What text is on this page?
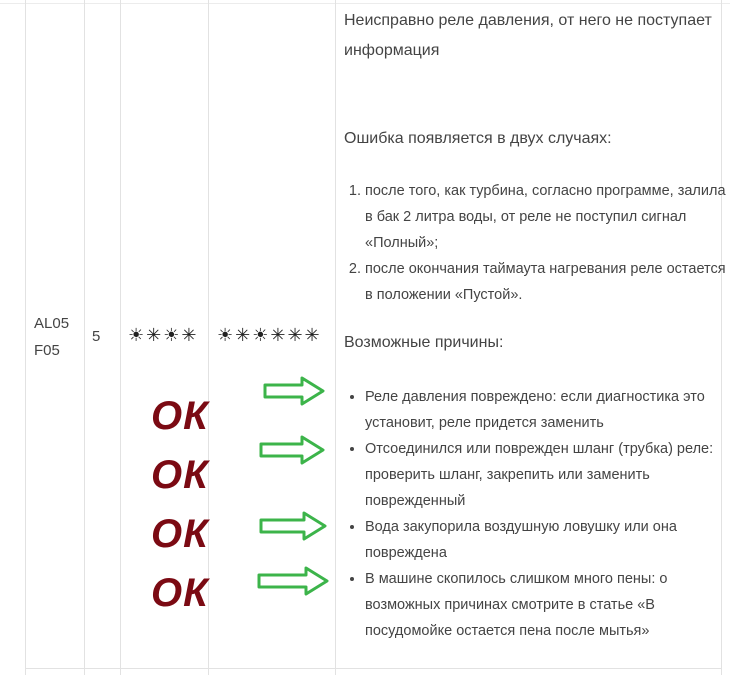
AL05
F05
5 ☀✳☀✳ ☀✳☀✳✳✳

Неисправно реле давления, от него не поступает информация

Ошибка появляется в двух случаях:

1. после того, как турбина, согласно программе, залила в бак 2 литра воды, от реле не поступил сигнал «Полный»;
2. после окончания таймаута нагревания реле остается в положении «Пустой».

Возможные причины:

• Реле давления повреждено: если диагностика это установит, реле придется заменить
• Отсоединился или поврежден шланг (трубка) реле: проверить шланг, закрепить или заменить поврежденный
• Вода закупорила воздушную ловушку или она повреждена
• В машине скопилось слишком много пены: о возможных причинах смотрите в статье «В посудомойке остается пена после мытья»
ОК
ОК
ОК
ОК
